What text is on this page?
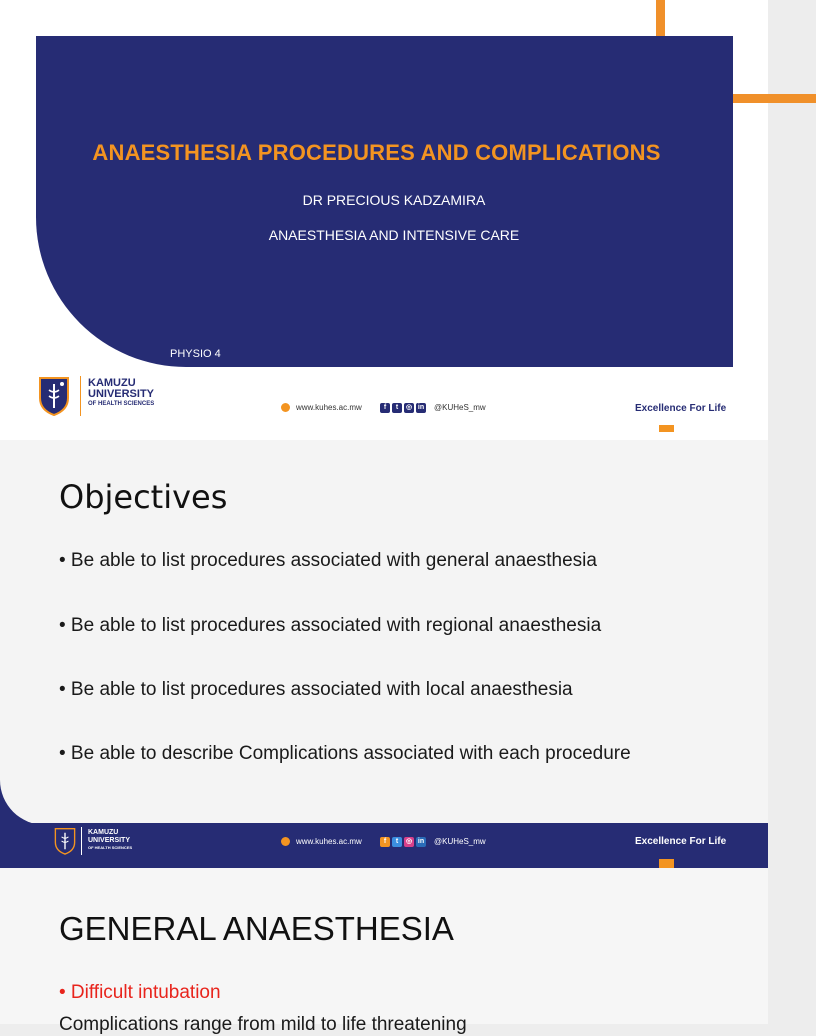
ANAESTHESIA PROCEDURES AND COMPLICATIONS
DR PRECIOUS KADZAMIRA
ANAESTHESIA AND INTENSIVE CARE
PHYSIO 4
KAMUZU
UNIVERSITY
OF HEALTH SCIENCES	www.kuhes.ac.mw	f	t	◎ in @KUHeS_mw	Excellence For Life
Objectives
• Be able to list procedures associated with general anaesthesia
• Be able to list procedures associated with regional anaesthesia
• Be able to list procedures associated with local anaesthesia
• Be able to describe Complications associated with each procedure
KAMUZU
UNIVERSITY
OF HEALTH SCIENCES
www.kuhes.ac.mw	f	t	◎ in @KUHeS_mw	Excellence For Life
GENERAL ANAESTHESIA
• Difficult intubation
Complications range from mild to life threatening
